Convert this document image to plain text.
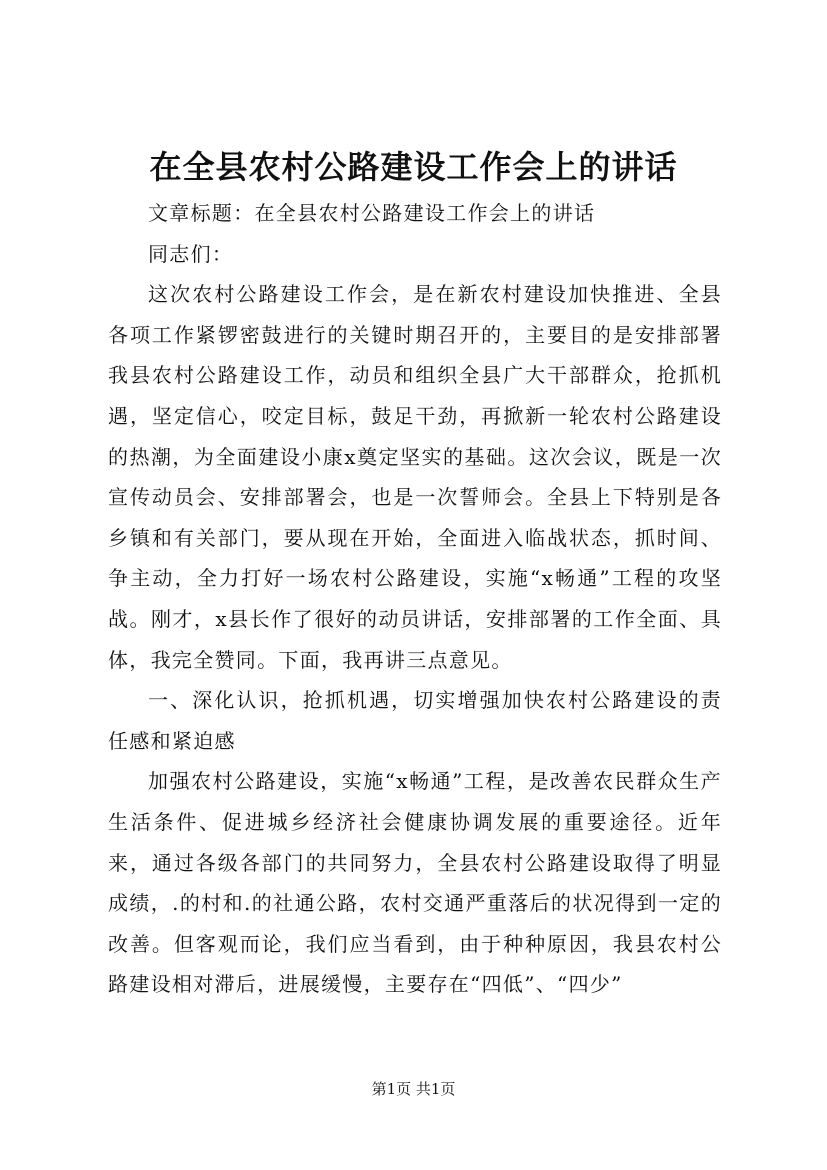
在全县农村公路建设工作会上的讲话

文章标题：在全县农村公路建设工作会上的讲话

同志们：

这次农村公路建设工作会，是在新农村建设加快推进、全县各项工作紧锣密鼓进行的关键时期召开的，主要目的是安排部署我县农村公路建设工作，动员和组织全县广大干部群众，抢抓机遇，坚定信心，咬定目标，鼓足干劲，再掀新一轮农村公路建设的热潮，为全面建设小康x奠定坚实的基础。这次会议，既是一次宣传动员会、安排部署会，也是一次誓师会。全县上下特别是各乡镇和有关部门，要从现在开始，全面进入临战状态，抓时间、争主动，全力打好一场农村公路建设，实施“x畅通”工程的攻坚战。刚才，x县长作了很好的动员讲话，安排部署的工作全面、具体，我完全赞同。下面，我再讲三点意见。

一、深化认识，抢抓机遇，切实增强加快农村公路建设的责任感和紧迫感

加强农村公路建设，实施“x畅通”工程，是改善农民群众生产生活条件、促进城乡经济社会健康协调发展的重要途径。近年来，通过各级各部门的共同努力，全县农村公路建设取得了明显成绩，.的村和.的社通公路，农村交通严重落后的状况得到一定的改善。但客观而论，我们应当看到，由于种种原因，我县农村公路建设相对滞后，进展缓慢，主要存在“四低”、“四少”

第1页 共1页
